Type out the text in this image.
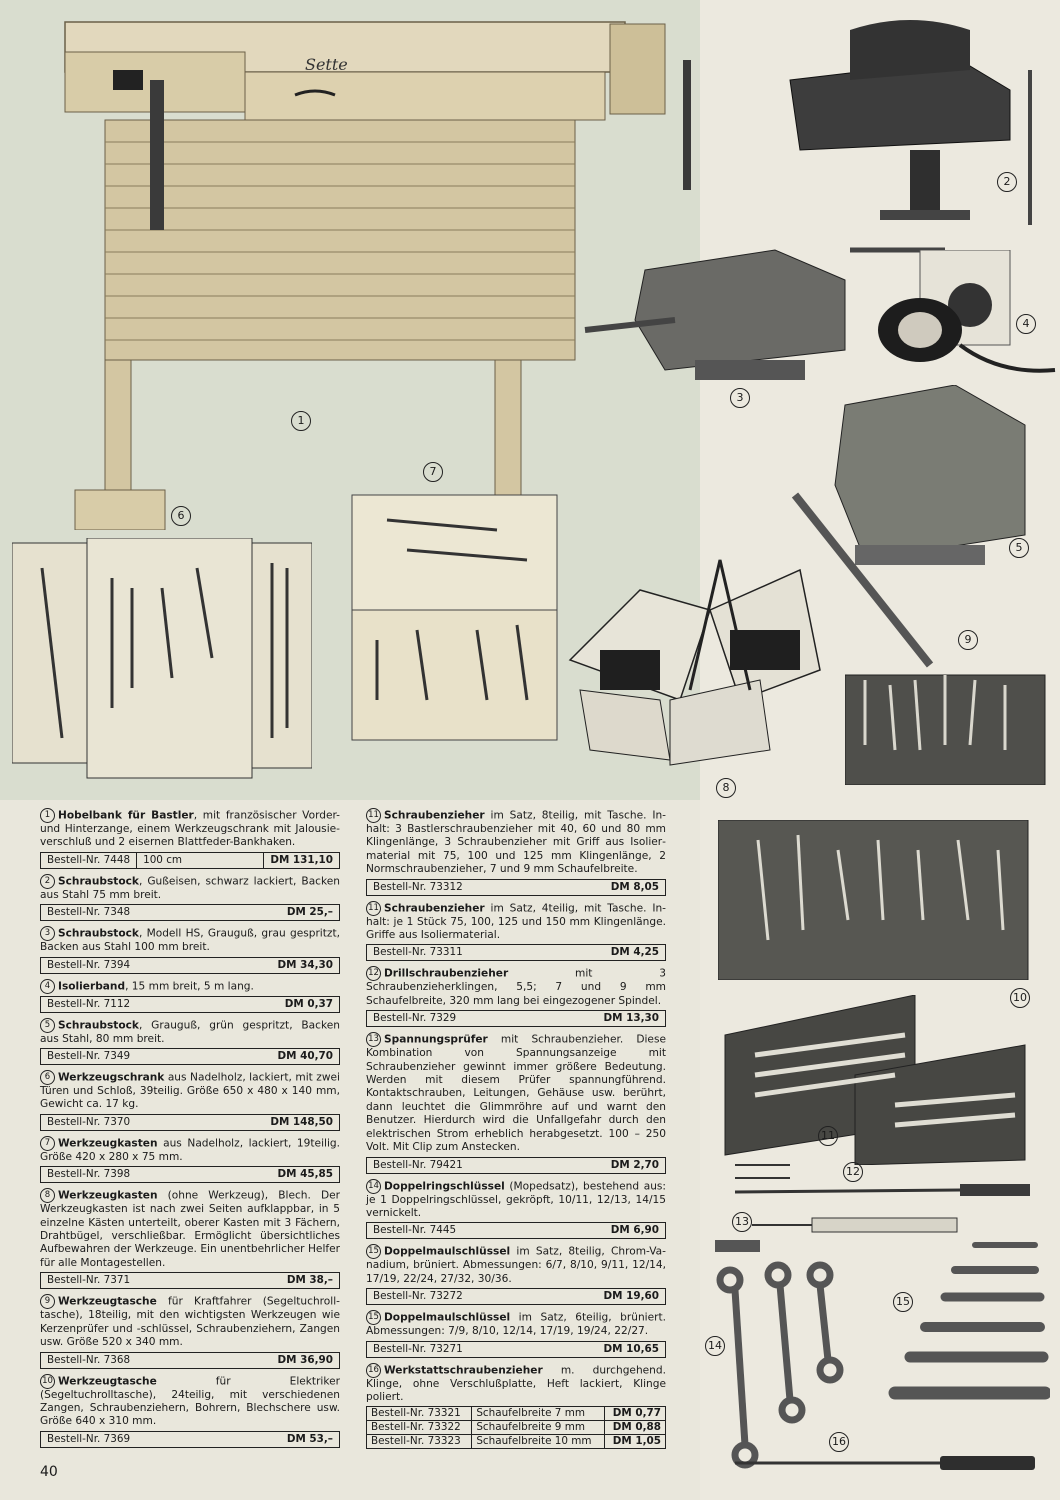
Sette
1
2
3
4
5
6
7
8
9
10
11
12
13
14
15
16

1 Hobelbank für Bastler, mit französischer Vorder- und Hinterzange, einem Werkzeugschrank mit Jalousieverschluß und 2 eisernen Blattfeder-Bankhaken.

Bestell-Nr. 7448	100 cm	DM 131,10

2 Schraubstock, Gußeisen, schwarz lackiert, Backen aus Stahl 75 mm breit.

Bestell-Nr. 7348	DM 25,–

3 Schraubstock, Modell HS, Grauguß, grau gespritzt, Backen aus Stahl 100 mm breit.

Bestell-Nr. 7394	DM 34,30

4 Isolierband, 15 mm breit, 5 m lang.

Bestell-Nr. 7112	DM 0,37

5 Schraubstock, Grauguß, grün gespritzt, Backen aus Stahl, 80 mm breit.

Bestell-Nr. 7349	DM 40,70

6 Werkzeugschrank aus Nadelholz, lackiert, mit zwei Türen und Schloß, 39teilig. Größe 650 x 480 x 140 mm, Gewicht ca. 17 kg.

Bestell-Nr. 7370	DM 148,50

7 Werkzeugkasten aus Nadelholz, lackiert, 19teilig. Größe 420 x 280 x 75 mm.

Bestell-Nr. 7398	DM 45,85

8 Werkzeugkasten (ohne Werkzeug), Blech. Der Werkzeugkasten ist nach zwei Seiten aufklappbar, in 5 einzelne Kästen unterteilt, oberer Kasten mit 3 Fächern, Drahtbügel, verschließbar. Ermöglicht übersichtliches Aufbewahren der Werkzeuge. Ein unentbehrlicher Helfer für alle Montagestellen.

Bestell-Nr. 7371	DM 38,–

9 Werkzeugtasche für Kraftfahrer (Segeltuchrolltasche), 18teilig, mit den wichtigsten Werkzeugen wie Kerzenprüfer und -schlüssel, Schraubenziehern, Zangen usw. Größe 520 x 340 mm.

Bestell-Nr. 7368	DM 36,90

10 Werkzeugtasche für Elektriker (Segeltuchrolltasche), 24teilig, mit verschiedenen Zangen, Schraubenziehern, Bohrern, Blechschere usw. Größe 640 x 310 mm.

Bestell-Nr. 7369	DM 53,–

11 Schraubenzieher im Satz, 8teilig, mit Tasche. Inhalt: 3 Bastlerschraubenzieher mit 40, 60 und 80 mm Klingenlänge, 3 Schraubenzieher mit Griff aus Isoliermaterial mit 75, 100 und 125 mm Klingenlänge, 2 Normschraubenzieher, 7 und 9 mm Schaufelbreite.

Bestell-Nr. 73312	DM 8,05

11 Schraubenzieher im Satz, 4teilig, mit Tasche. Inhalt: je 1 Stück 75, 100, 125 und 150 mm Klingenlänge. Griffe aus Isoliermaterial.

Bestell-Nr. 73311	DM 4,25

12 Drillschraubenzieher mit 3 Schraubenzieherklingen, 5,5; 7 und 9 mm Schaufelbreite, 320 mm lang bei eingezogener Spindel.

Bestell-Nr. 7329	DM 13,30

13 Spannungsprüfer mit Schraubenzieher. Diese Kombination von Spannungsanzeige mit Schraubenzieher gewinnt immer größere Bedeutung. Werden mit diesem Prüfer spannungführend. Kontaktschrauben, Leitungen, Gehäuse usw. berührt, dann leuchtet die Glimmröhre auf und warnt den Benutzer. Hierdurch wird die Unfallgefahr durch den elektrischen Strom erheblich herabgesetzt. 100 – 250 Volt. Mit Clip zum Anstecken.

Bestell-Nr. 79421	DM 2,70

14 Doppelringschlüssel (Mopedsatz), bestehend aus: je 1 Doppelringschlüssel, gekröpft, 10/11, 12/13, 14/15 vernickelt.

Bestell-Nr. 7445	DM 6,90

15 Doppelmaulschlüssel im Satz, 8teilig, Chrom-Vanadium, brüniert. Abmessungen: 6/7, 8/10, 9/11, 12/14, 17/19, 22/24, 27/32, 30/36.

Bestell-Nr. 73272	DM 19,60

15 Doppelmaulschlüssel im Satz, 6teilig, brüniert. Abmessungen: 7/9, 8/10, 12/14, 17/19, 19/24, 22/27.

Bestell-Nr. 73271	DM 10,65

16 Werkstattschraubenzieher m. durchgehend. Klinge, ohne Verschlußplatte, Heft lackiert, Klinge poliert.

Bestell-Nr. 73321	Schaufelbreite 7 mm	DM 0,77
Bestell-Nr. 73322	Schaufelbreite 9 mm	DM 0,88
Bestell-Nr. 73323	Schaufelbreite 10 mm	DM 1,05
40
